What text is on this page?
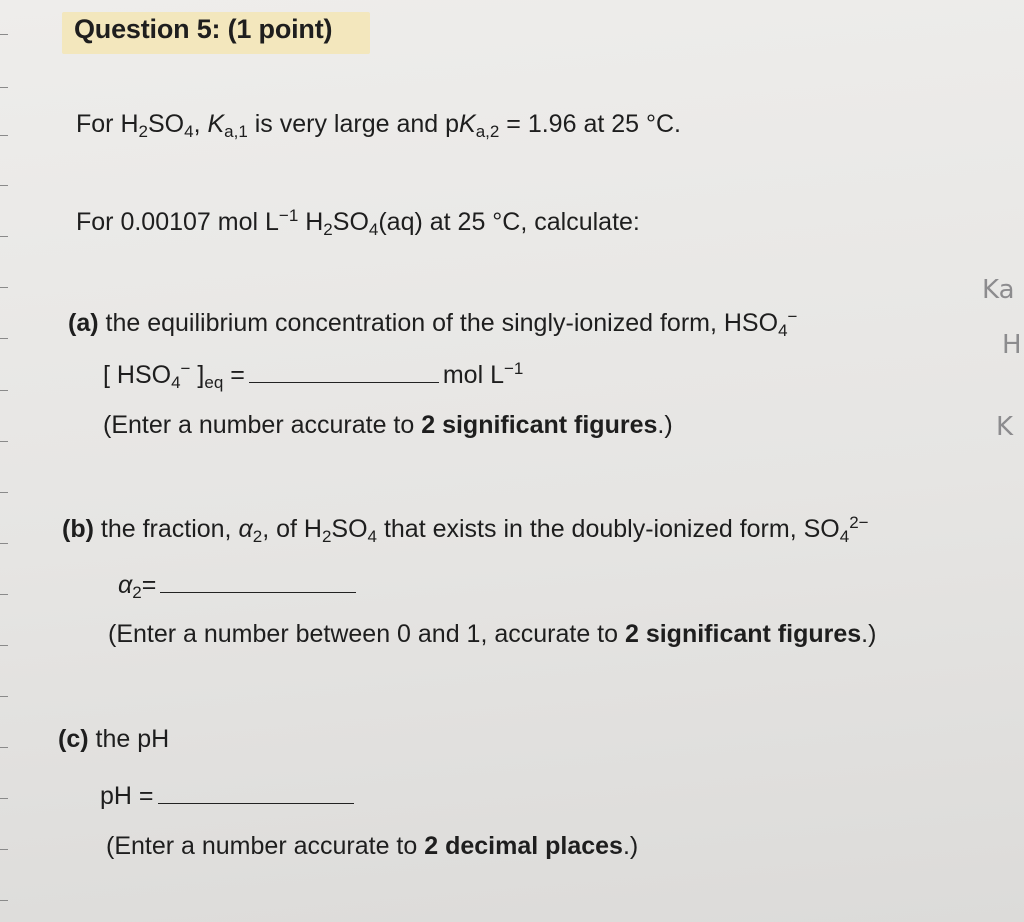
Question 5: (1 point)
For $H_2SO_4$, $K_{a,1}$ is very large and $pK_{a,2} = 1.96$ at 25 °C.
For 0.00107 mol $L^{-1}$ $H_2SO_4(aq)$ at 25 °C, calculate:
(a) the equilibrium concentration of the singly-ionized form, $HSO_4^-$
[ $HSO_4^-$ ]$_{eq}$ =	mol $L^{-1}$
(Enter a number accurate to 2 significant figures.)
(b) the fraction, $\alpha_2$, of $H_2SO_4$ that exists in the doubly-ionized form, $SO_4^{2-}$
$\alpha_2=$
(Enter a number between 0 and 1, accurate to 2 significant figures.)
(c) the pH
pH =
(Enter a number accurate to 2 decimal places.)
Ka
H
K
